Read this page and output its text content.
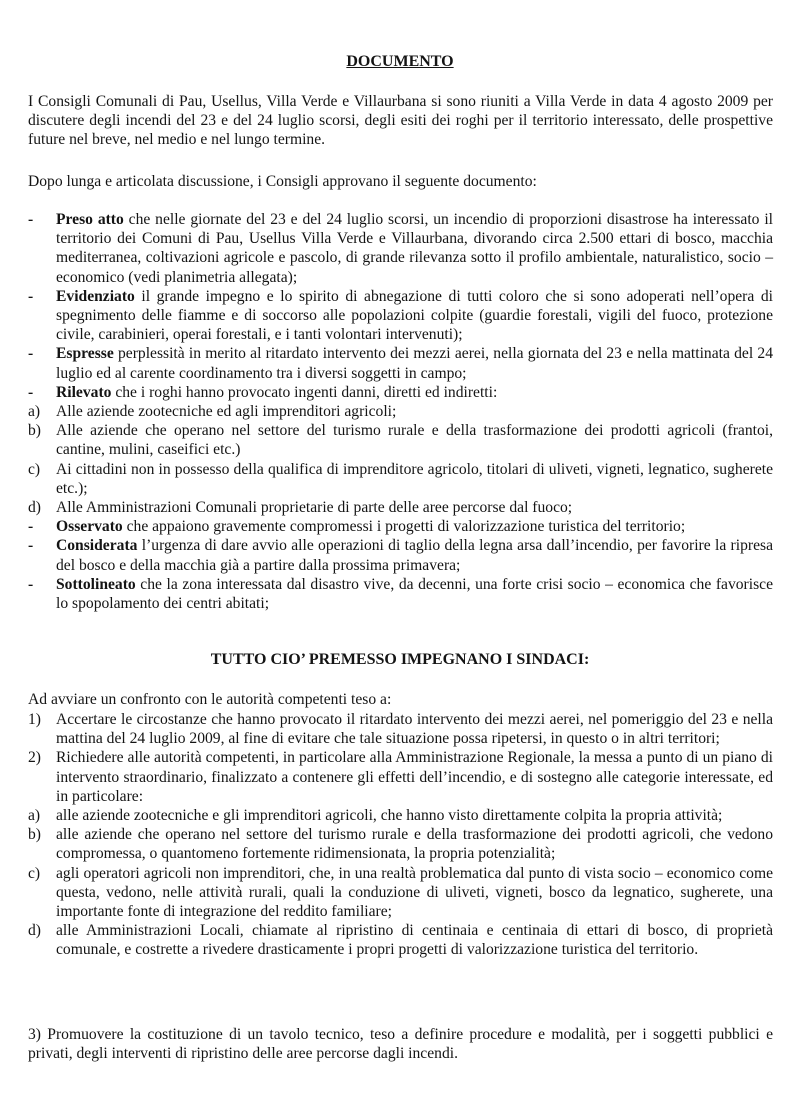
DOCUMENTO

I Consigli Comunali di Pau, Usellus, Villa Verde e Villaurbana si sono riuniti a Villa Verde in data 4 agosto 2009 per discutere degli incendi del 23 e del 24 luglio scorsi, degli esiti dei roghi per il territorio interessato, delle prospettive future nel breve, nel medio e nel lungo termine.

Dopo lunga e articolata discussione, i Consigli approvano il seguente documento:

-	Preso atto che nelle giornate del 23 e del 24 luglio scorsi, un incendio di proporzioni disastrose ha interessato il territorio dei Comuni di Pau, Usellus Villa Verde e Villaurbana, divorando circa 2.500 ettari di bosco, macchia mediterranea, coltivazioni agricole e pascolo, di grande rilevanza sotto il profilo ambientale, naturalistico, socio – economico (vedi planimetria allegata);
-	Evidenziato il grande impegno e lo spirito di abnegazione di tutti coloro che si sono adoperati nell’opera di spegnimento delle fiamme e di soccorso alle popolazioni colpite (guardie forestali, vigili del fuoco, protezione civile, carabinieri, operai forestali, e i tanti volontari intervenuti);
-	Espresse perplessità in merito al ritardato intervento dei mezzi aerei, nella giornata del 23 e nella mattinata del 24 luglio ed al carente coordinamento tra i diversi soggetti in campo;
-	Rilevato che i roghi hanno provocato ingenti danni, diretti ed indiretti:
a)	Alle aziende zootecniche ed agli imprenditori agricoli;
b) Alle aziende che operano nel settore del turismo rurale e della trasformazione dei prodotti agricoli (frantoi, cantine, mulini, caseifici etc.)
c)	Ai cittadini non in possesso della qualifica di imprenditore agricolo, titolari di uliveti, vigneti, legnatico, sugherete etc.);
d) Alle Amministrazioni Comunali proprietarie di parte delle aree percorse dal fuoco;
-	Osservato che appaiono gravemente compromessi i progetti di valorizzazione turistica del territorio;
-	Considerata l’urgenza di dare avvio alle operazioni di taglio della legna arsa dall’incendio, per favorire la ripresa del bosco e della macchia già a partire dalla prossima primavera;
-	Sottolineato che la zona interessata dal disastro vive, da decenni, una forte crisi socio – economica che favorisce lo spopolamento dei centri abitati;
TUTTO CIO’ PREMESSO IMPEGNANO I SINDACI:

Ad avviare un confronto con le autorità competenti teso a:

1) Accertare le circostanze che hanno provocato il ritardato intervento dei mezzi aerei, nel pomeriggio del 23 e nella mattina del 24 luglio 2009, al fine di evitare che tale situazione possa ripetersi, in questo o in altri territori;
2) Richiedere alle autorità competenti, in particolare alla Amministrazione Regionale, la messa a punto di un piano di intervento straordinario, finalizzato a contenere gli effetti dell’incendio, e di sostegno alle categorie interessate, ed in particolare:
a)	alle aziende zootecniche e gli imprenditori agricoli, che hanno visto direttamente colpita la propria attività;
b) alle aziende che operano nel settore del turismo rurale e della trasformazione dei prodotti agricoli, che vedono compromessa, o quantomeno fortemente ridimensionata, la propria potenzialità;
c)	agli operatori agricoli non imprenditori, che, in una realtà problematica dal punto di vista socio – economico come questa, vedono, nelle attività rurali, quali la conduzione di uliveti, vigneti, bosco da legnatico, sugherete, una importante fonte di integrazione del reddito familiare;
d) alle Amministrazioni Locali, chiamate al ripristino di centinaia e centinaia di ettari di bosco, di proprietà comunale, e costrette a rivedere drasticamente i propri progetti di valorizzazione turistica del territorio.

3) Promuovere la costituzione di un tavolo tecnico, teso a definire procedure e modalità, per i soggetti pubblici e privati, degli interventi di ripristino delle aree percorse dagli incendi.
